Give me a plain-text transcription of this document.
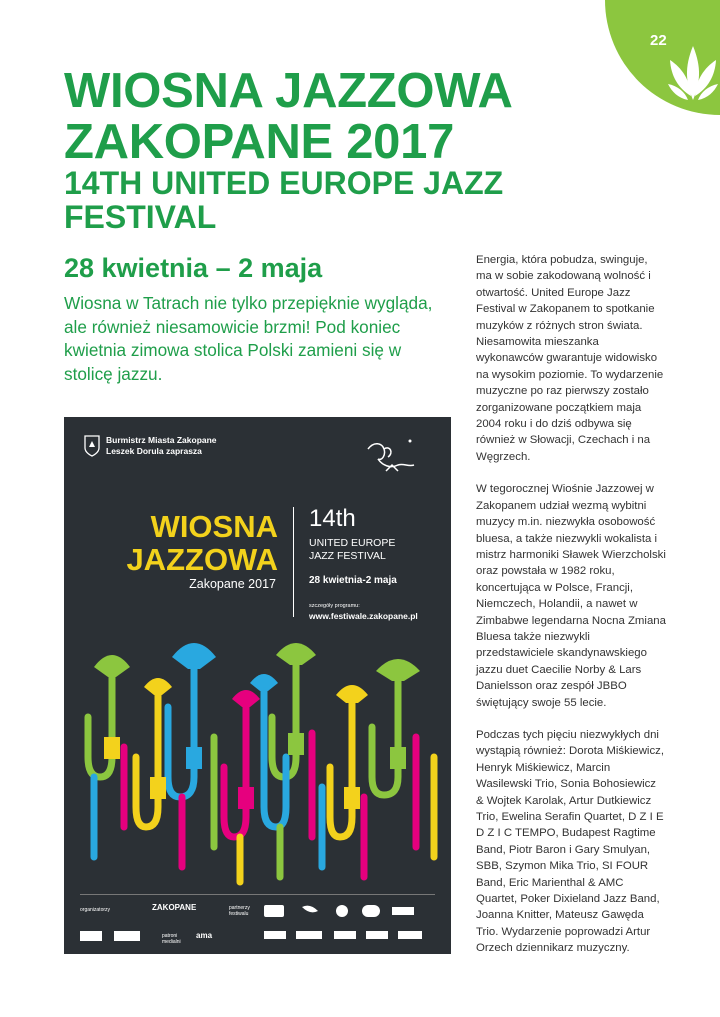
22
WIOSNA JAZZOWA
ZAKOPANE 2017
14TH UNITED EUROPE JAZZ
FESTIVAL
28 kwietnia – 2 maja

Wiosna w Tatrach nie tylko przepięknie wygląda, ale również niesamowicie brzmi! Pod koniec kwietnia zimowa stolica Polski zamieni się w stolicę jazzu.

Energia, która pobudza, swinguje, ma w sobie zakodowaną wolność i otwartość. United Europe Jazz Festival w Zakopanem to spotkanie muzyków z różnych stron świata. Niesamowita mieszanka wykonawców gwarantuje widowisko na wysokim poziomie. To wydarzenie muzyczne po raz pierwszy zostało zorganizowane początkiem maja 2004 roku i do dziś odbywa się również w Słowacji, Czechach i na Węgrzech.

W tegorocznej Wiośnie Jazzowej w Zakopanem udział wezmą wybitni muzycy m.in. niezwykła osobowość bluesa, a także niezwykli wokalista i mistrz harmoniki Sławek Wierzcholski oraz powstała w 1982 roku, koncertująca w Polsce, Francji, Niemczech, Holandii, a nawet w Zimbabwe legendarna Nocna Zmiana Bluesa także niezwykli przedstawiciele skandynawskiego jazzu duet Caecilie Norby & Lars Danielsson oraz zespół JBBO świętujący swoje 55 lecie.

Podczas tych pięciu niezwykłych dni wystąpią również: Dorota Miśkiewicz, Henryk Miśkiewicz, Marcin Wasilewski Trio, Sonia Bohosiewicz & Wojtek Karolak, Artur Dutkiewicz Trio, Ewelina Serafin Quartet, D Z I E D Z I C TEMPO, Budapest Ragtime Band, Piotr Baron i Gary Smulyan, SBB, Szymon Mika Trio, SI FOUR Band, Eric Marienthal & AMC Quartet, Poker Dixieland Jazz Band, Joanna Knitter, Mateusz Gawęda Trio. Wydarzenie poprowadzi Artur Orzech dziennikarz muzyczny.

Burmistrz Miasta Zakopane
Leszek Dorula zaprasza
WIOSNA
JAZZOWA
Zakopane 2017
14th
UNITED EUROPE
JAZZ FESTIVAL
28 kwietnia-2 maja
szczegóły programu:
www.festiwale.zakopane.pl
organizatorzy	ZAKOPANE	partnerzy festiwalu
patroni medialni
ama
